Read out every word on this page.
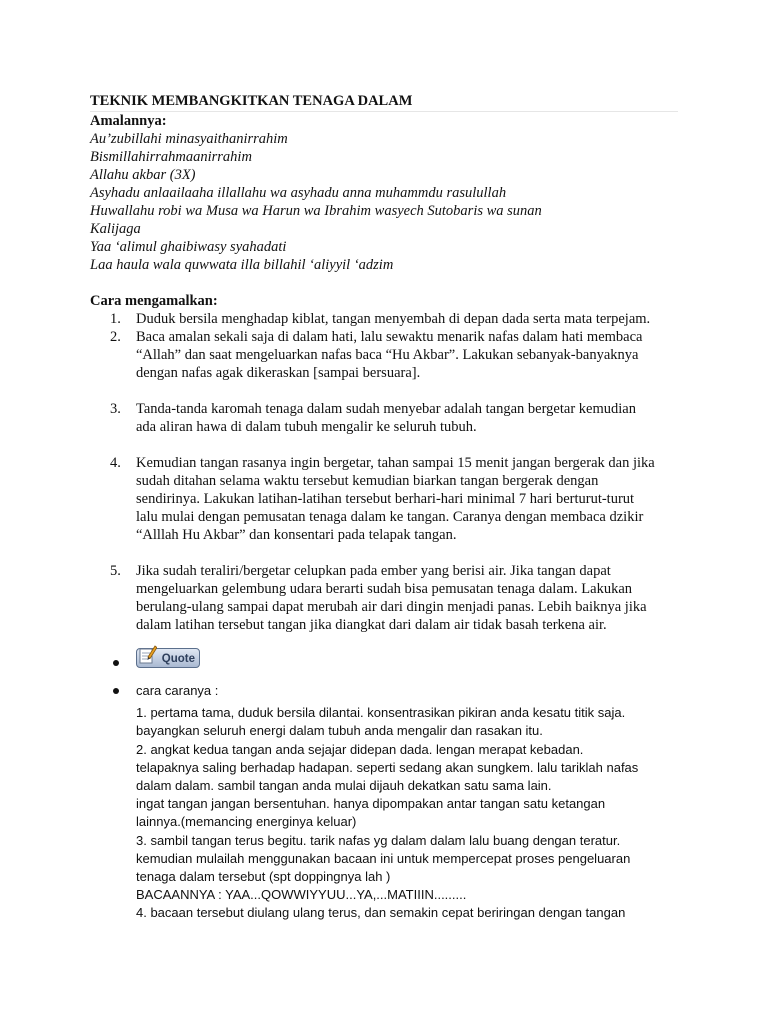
TEKNIK MEMBANGKITKAN TENAGA DALAM
Amalannya:
Au’zubillahi minasyaithanirrahim
Bismillahirrahmaanirrahim
Allahu akbar (3X)
Asyhadu anlaailaaha illallahu wa asyhadu anna muhammdu rasulullah
Huwallahu robi wa Musa wa Harun wa Ibrahim wasyech Sutobaris wa sunan
Kalijaga
Yaa ‘alimul ghaibiwasy syahadati
Laa haula wala quwwata illa billahil ‘aliyyil ‘adzim
Cara mengamalkan:
1. Duduk bersila menghadap kiblat, tangan menyembah di depan dada serta mata terpejam.
2. Baca amalan sekali saja di dalam hati, lalu sewaktu menarik nafas dalam hati membaca
“Allah” dan saat mengeluarkan nafas baca “Hu Akbar”. Lakukan sebanyak-banyaknya
dengan nafas agak dikeraskan [sampai bersuara].
3. Tanda-tanda karomah tenaga dalam sudah menyebar adalah tangan bergetar kemudian
ada aliran hawa di dalam tubuh mengalir ke seluruh tubuh.
4. Kemudian tangan rasanya ingin bergetar, tahan sampai 15 menit jangan bergerak dan jika
sudah ditahan selama waktu tersebut kemudian biarkan tangan bergerak dengan
sendirinya. Lakukan latihan-latihan tersebut berhari-hari minimal 7 hari berturut-turut
lalu mulai dengan pemusatan tenaga dalam ke tangan. Caranya dengan membaca dzikir
“Alllah Hu Akbar” dan konsentari pada telapak tangan.
5. Jika sudah teraliri/bergetar celupkan pada ember yang berisi air. Jika tangan dapat
mengeluarkan gelembung udara berarti sudah bisa pemusatan tenaga dalam. Lakukan
berulang-ulang sampai dapat merubah air dari dingin menjadi panas. Lebih baiknya jika
dalam latihan tersebut tangan jika diangkat dari dalam air tidak basah terkena air.
Quote
cara caranya :
1. pertama tama, duduk bersila dilantai. konsentrasikan pikiran anda kesatu titik saja.
bayangkan seluruh energi dalam tubuh anda mengalir dan rasakan itu.
2. angkat kedua tangan anda sejajar didepan dada. lengan merapat kebadan.
telapaknya saling berhadap hadapan. seperti sedang akan sungkem. lalu tariklah nafas
dalam dalam. sambil tangan anda mulai dijauh dekatkan satu sama lain.
ingat tangan jangan bersentuhan. hanya dipompakan antar tangan satu ketangan
lainnya.(memancing energinya keluar)
3. sambil tangan terus begitu. tarik nafas yg dalam dalam lalu buang dengan teratur.
kemudian mulailah menggunakan bacaan ini untuk mempercepat proses pengeluaran
tenaga dalam tersebut (spt doppingnya lah )
BACAANNYA : YAA...QOWWIYYUU...YA,...MATIIIN.........
4. bacaan tersebut diulang ulang terus, dan semakin cepat beriringan dengan tangan
